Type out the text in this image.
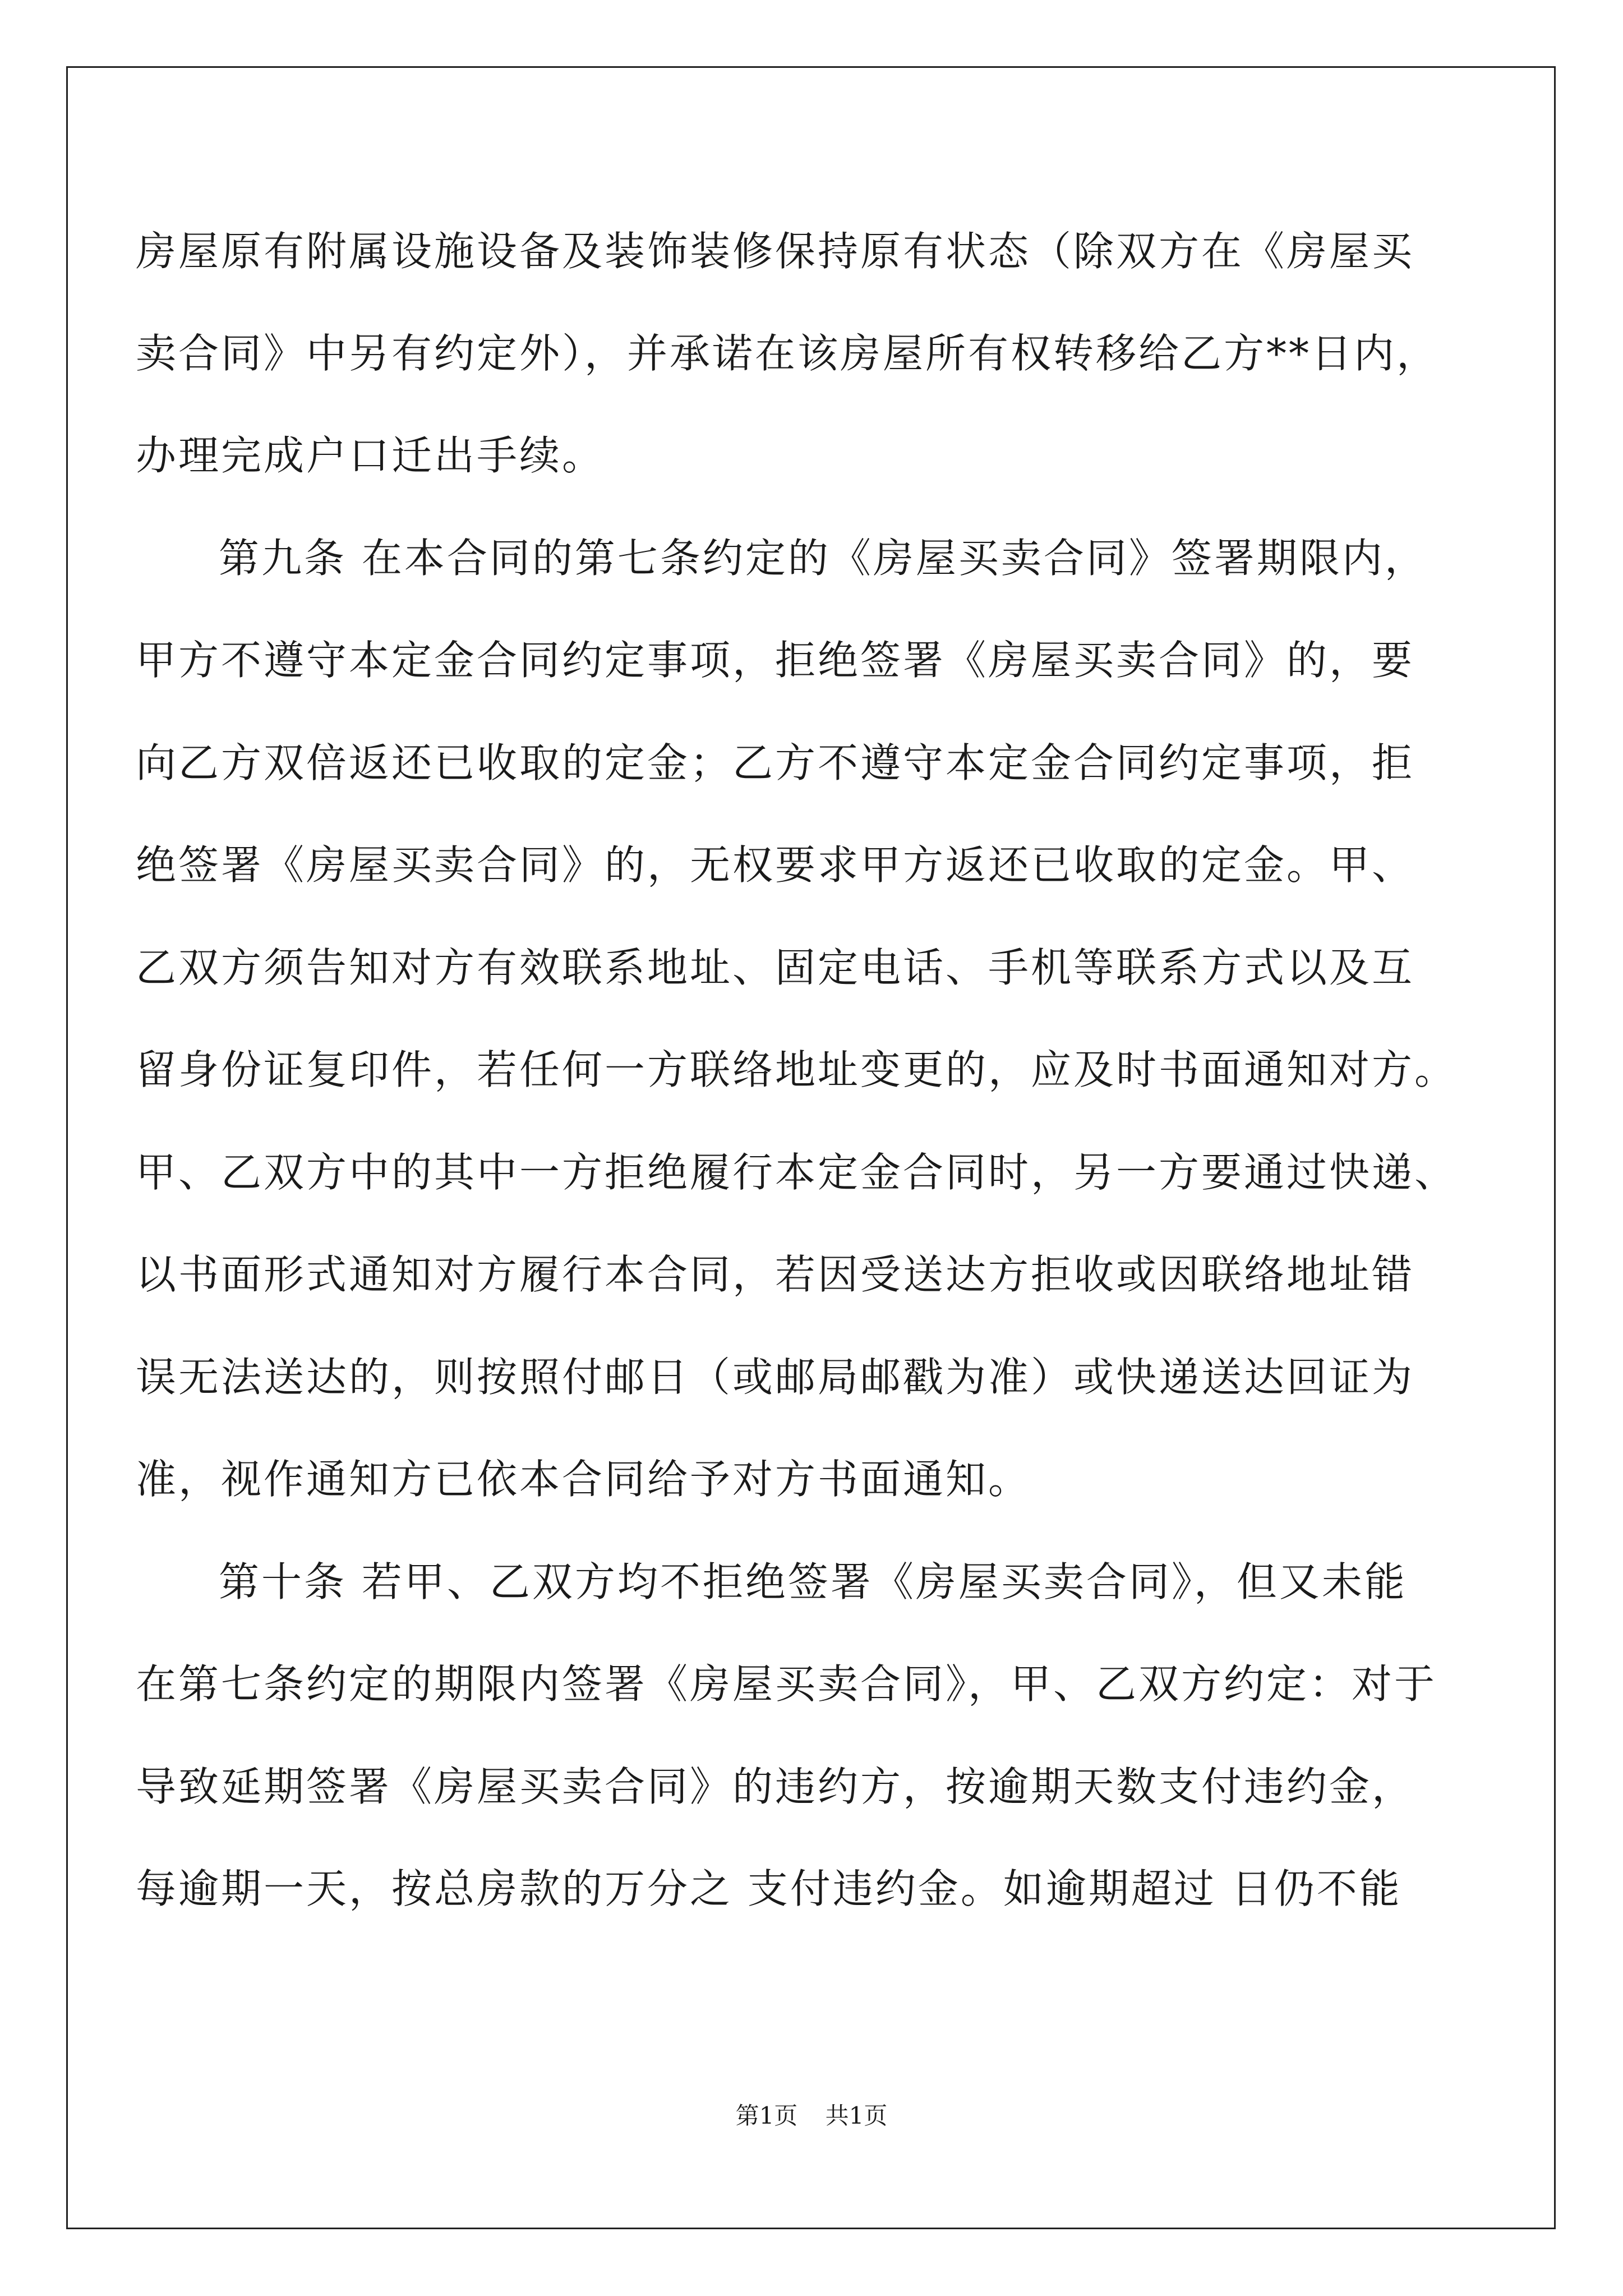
房屋原有附属设施设备及装饰装修保持原有状态（除双方在《房屋买
卖合同》中另有约定外），并承诺在该房屋所有权转移给乙方**日内，
办理完成户口迁出手续。
第九条 在本合同的第七条约定的《房屋买卖合同》签署期限内，
甲方不遵守本定金合同约定事项，拒绝签署《房屋买卖合同》的，要
向乙方双倍返还已收取的定金；乙方不遵守本定金合同约定事项，拒
绝签署《房屋买卖合同》的，无权要求甲方返还已收取的定金。甲、
乙双方须告知对方有效联系地址、固定电话、手机等联系方式以及互
留身份证复印件，若任何一方联络地址变更的，应及时书面通知对方。
甲、乙双方中的其中一方拒绝履行本定金合同时，另一方要通过快递、
以书面形式通知对方履行本合同，若因受送达方拒收或因联络地址错
误无法送达的，则按照付邮日（或邮局邮戳为准）或快递送达回证为
准，视作通知方已依本合同给予对方书面通知。
第十条 若甲、乙双方均不拒绝签署《房屋买卖合同》，但又未能
在第七条约定的期限内签署《房屋买卖合同》，甲、乙双方约定：对于
导致延期签署《房屋买卖合同》的违约方，按逾期天数支付违约金，
每逾期一天，按总房款的万分之 支付违约金。如逾期超过 日仍不能
第1页 共1页
